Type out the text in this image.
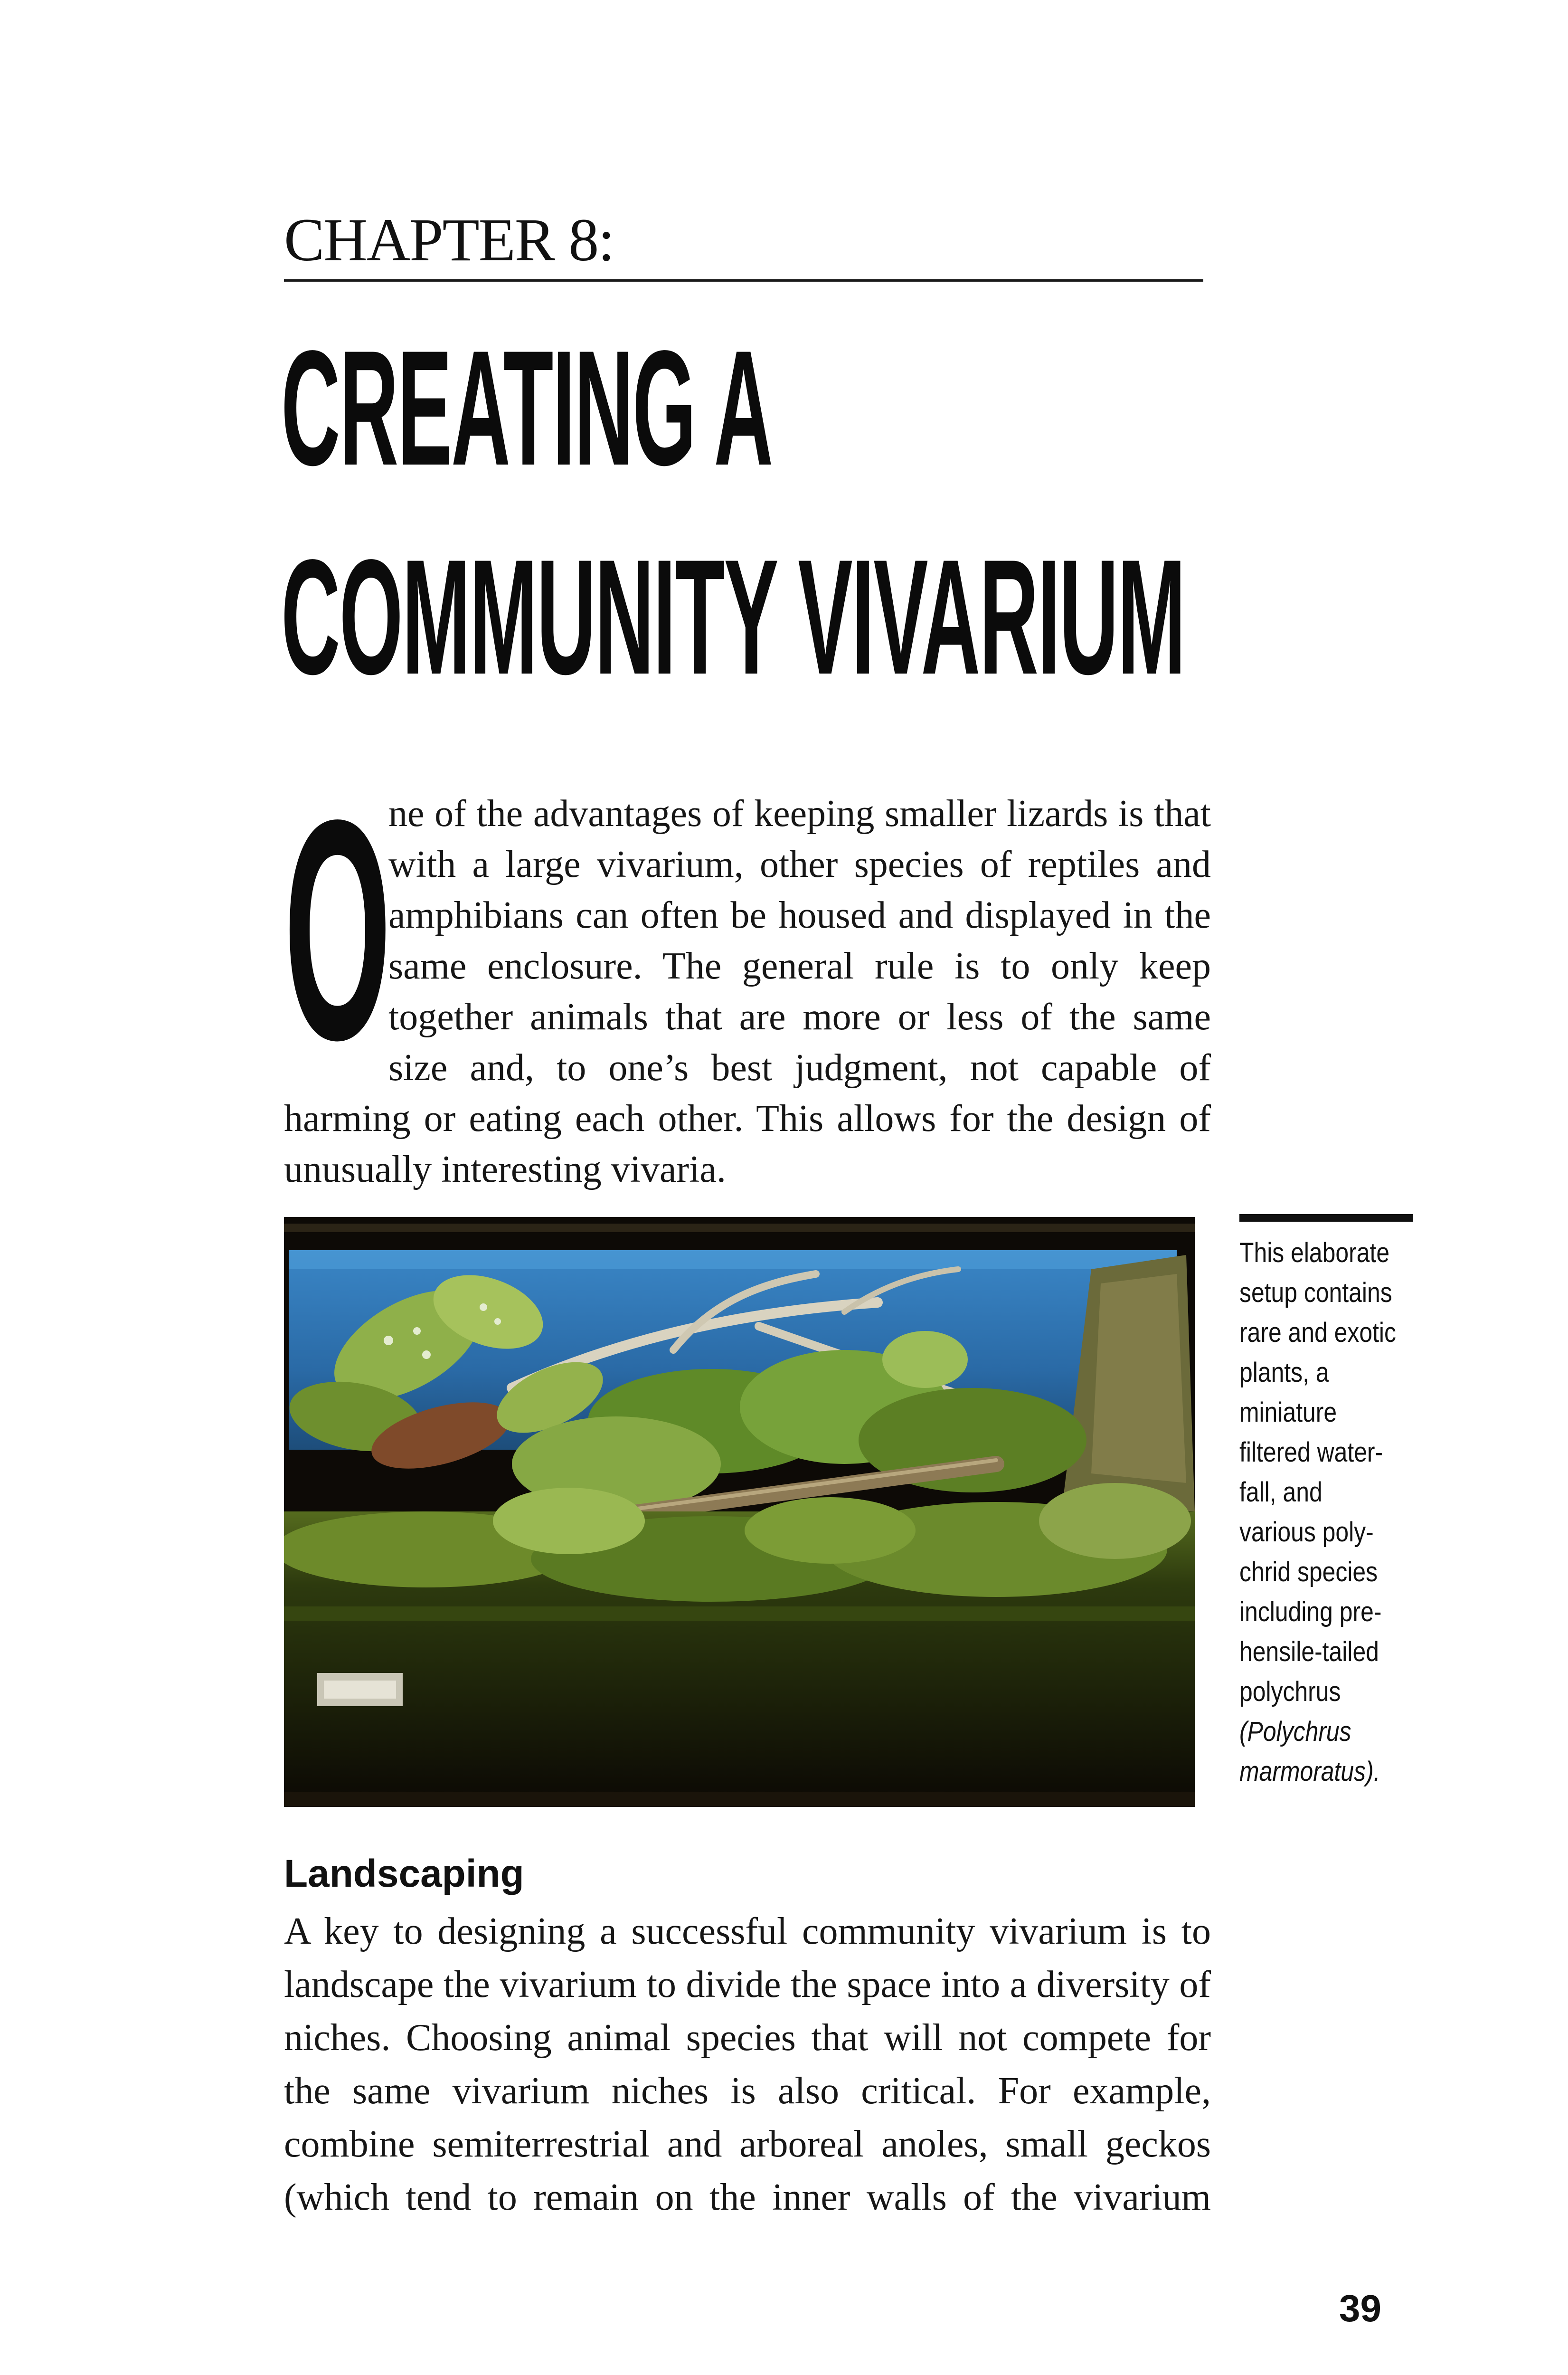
CHAPTER 8:
CREATING A
COMMUNITY VIVARIUM
O
ne of the advantages of keeping smaller lizards is that with a large vivarium, other species of reptiles and amphibians can often be housed and displayed in the same enclosure. The general rule is to only keep together animals that are more or less of the same size and, to one’s best judgment, not capable of harming or eating each other. This allows for the design of unusually interesting vivaria.
This elaborate
setup contains
rare and exotic
plants, a
miniature
filtered water-
fall, and
various poly-
chrid species
including pre-
hensile-tailed
polychrus
(Polychrus
marmoratus).
Landscaping
A key to designing a successful community vivarium is to landscape the vivarium to divide the space into a diversity of niches. Choosing animal species that will not compete for the same vivarium niches is also critical. For example, combine semiterrestrial and arboreal anoles, small geckos (which tend to remain on the inner walls of the vivarium
39
